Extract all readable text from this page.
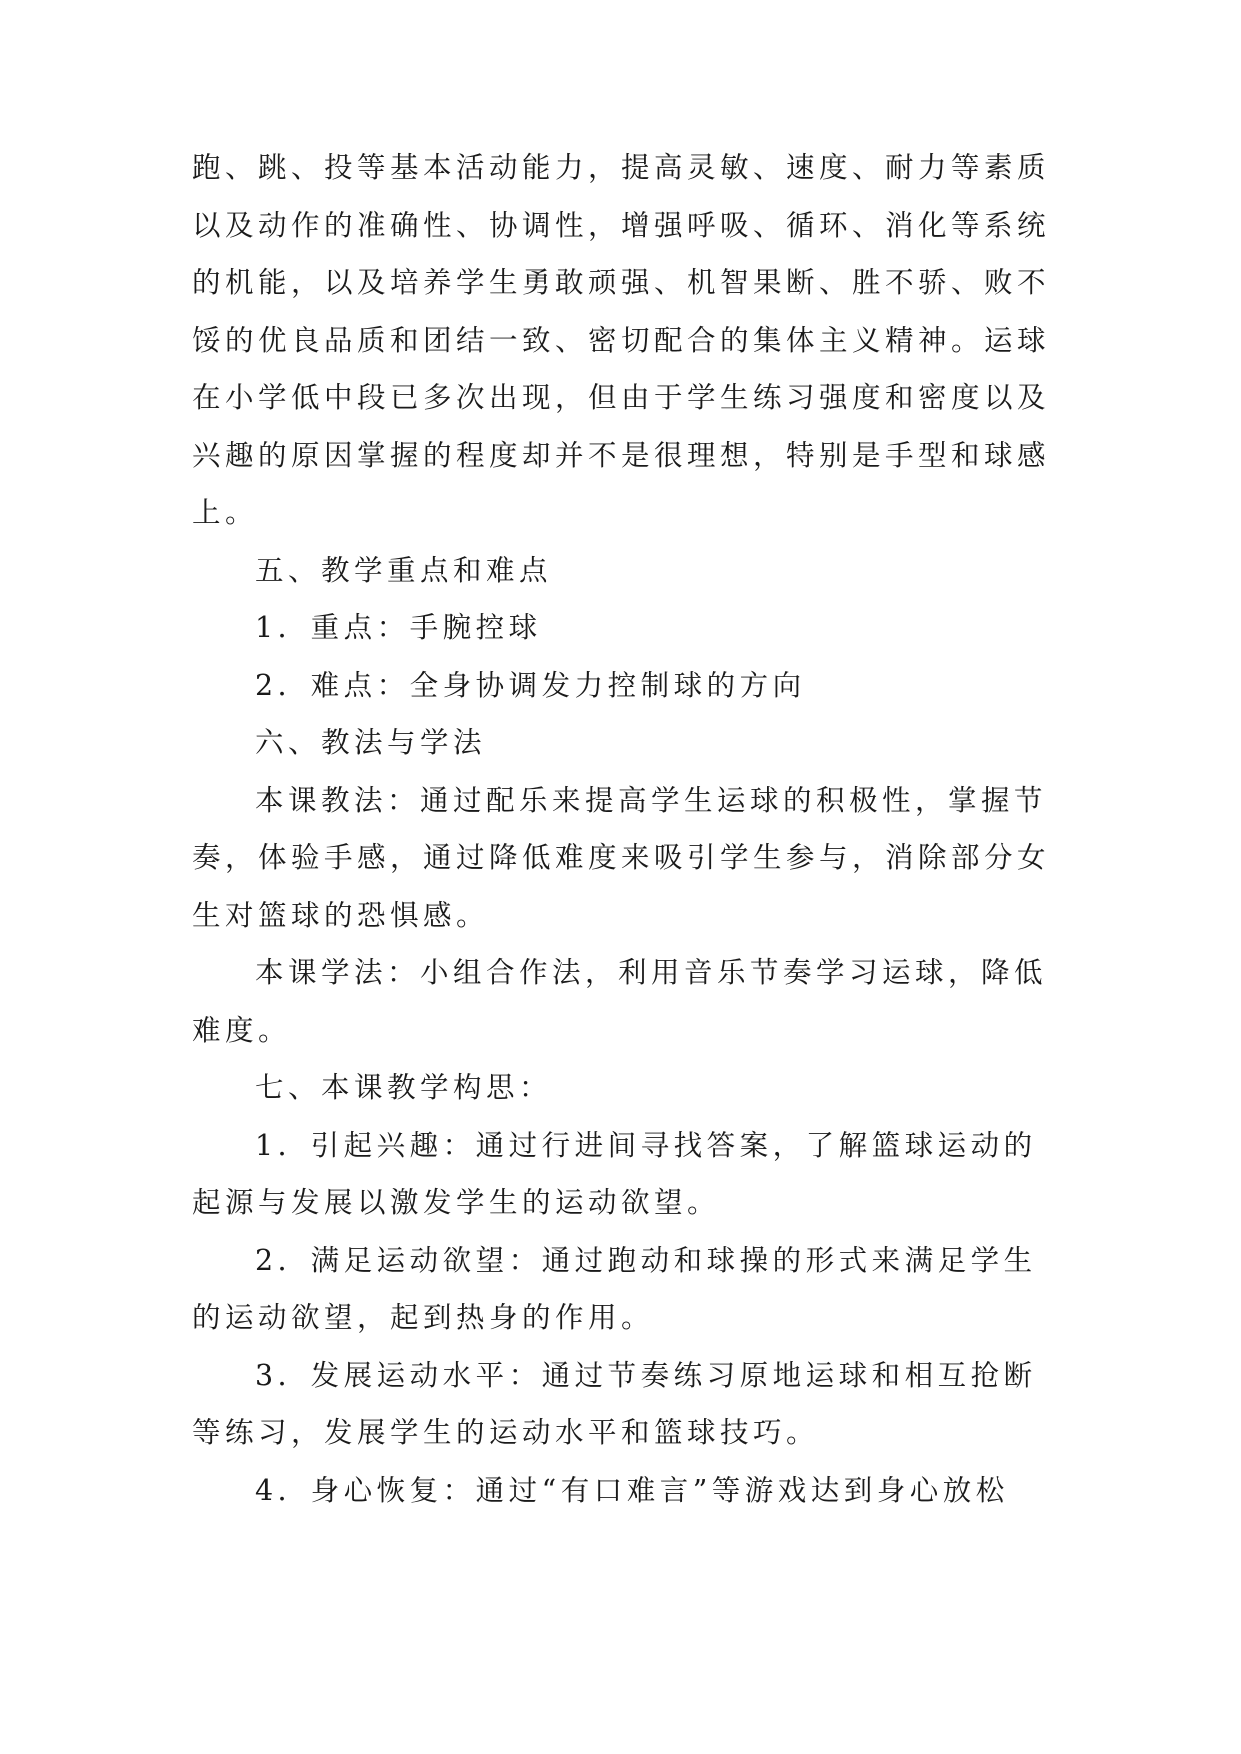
跑、跳、投等基本活动能力，提高灵敏、速度、耐力等素质
以及动作的准确性、协调性，增强呼吸、循环、消化等系统
的机能，以及培养学生勇敢顽强、机智果断、胜不骄、败不
馁的优良品质和团结一致、密切配合的集体主义精神。运球
在小学低中段已多次出现，但由于学生练习强度和密度以及
兴趣的原因掌握的程度却并不是很理想，特别是手型和球感
上。
五、教学重点和难点
1．重点：手腕控球
2．难点：全身协调发力控制球的方向
六、教法与学法
本课教法：通过配乐来提高学生运球的积极性，掌握节
奏，体验手感，通过降低难度来吸引学生参与，消除部分女
生对篮球的恐惧感。
本课学法：小组合作法，利用音乐节奏学习运球，降低
难度。
七、本课教学构思：
1．引起兴趣：通过行进间寻找答案，了解篮球运动的
起源与发展以激发学生的运动欲望。
2．满足运动欲望：通过跑动和球操的形式来满足学生
的运动欲望，起到热身的作用。
3．发展运动水平：通过节奏练习原地运球和相互抢断
等练习，发展学生的运动水平和篮球技巧。
4．身心恢复：通过“有口难言”等游戏达到身心放松
